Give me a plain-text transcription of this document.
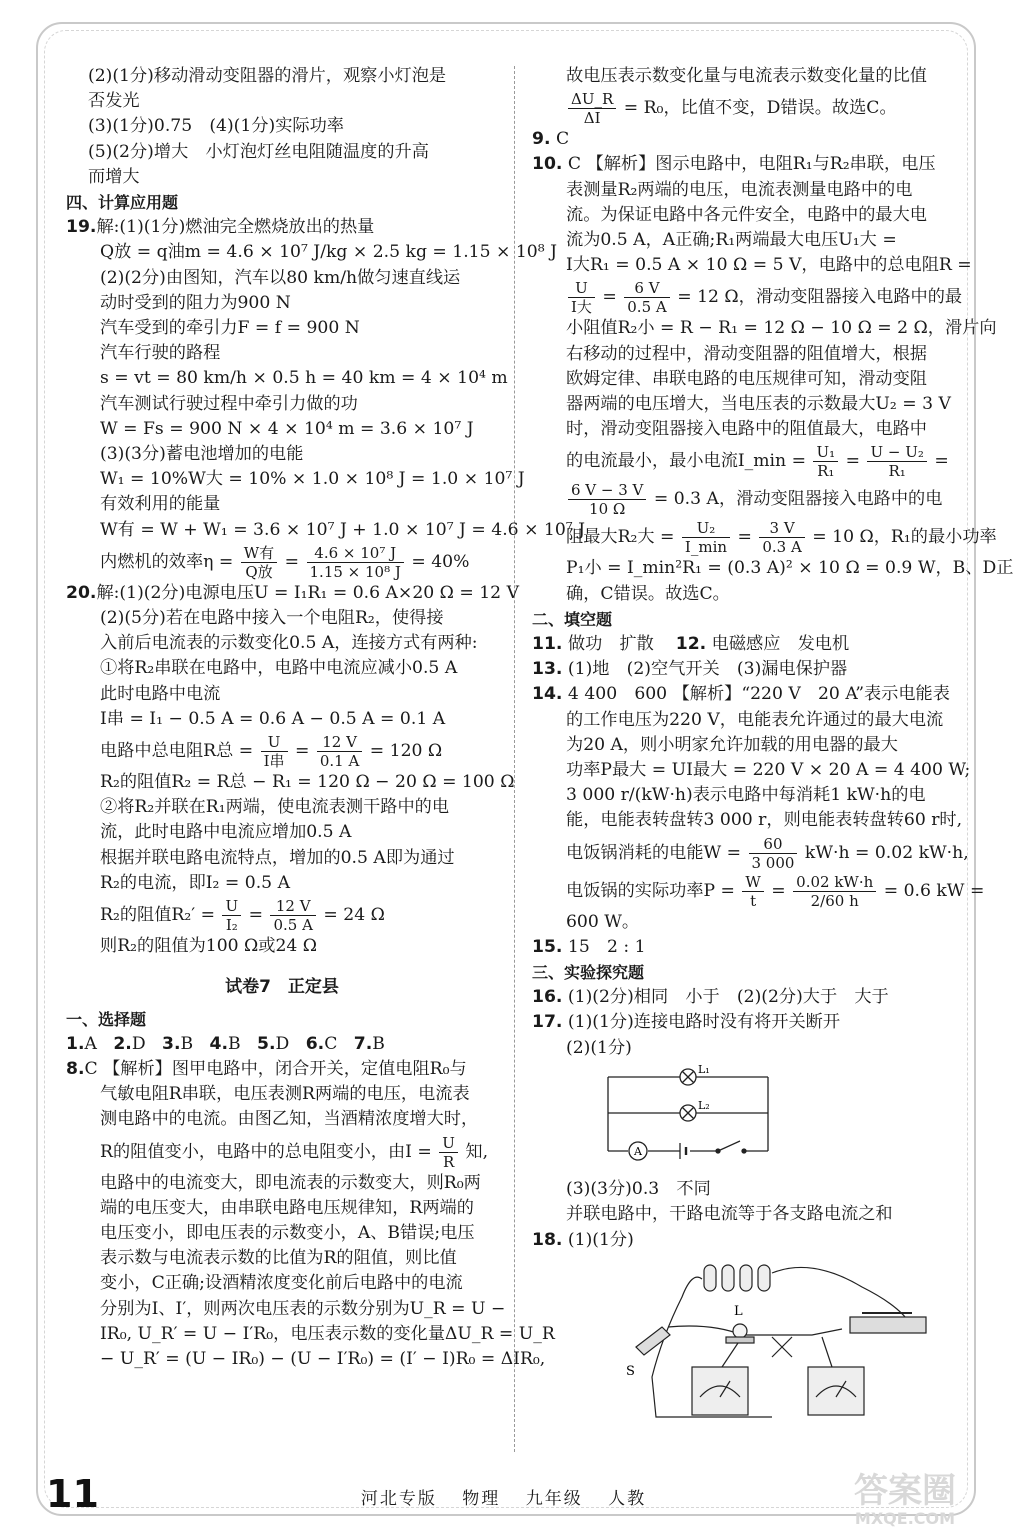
(2)(1分)移动滑动变阻器的滑片，观察小灯泡是
否发光
(3)(1分)0.75　(4)(1分)实际功率
(5)(2分)增大　小灯泡灯丝电阻随温度的升高
而增大
四、计算应用题
19.解:(1)(1分)燃油完全燃烧放出的热量
Q放 = q油m = 4.6 × 10⁷ J/kg × 2.5 kg = 1.15 × 10⁸ J
(2)(2分)由图知，汽车以80 km/h做匀速直线运
动时受到的阻力为900 N
汽车受到的牵引力F = f = 900 N
汽车行驶的路程
s = vt = 80 km/h × 0.5 h = 40 km = 4 × 10⁴ m
汽车测试行驶过程中牵引力做的功
W = Fs = 900 N × 4 × 10⁴ m = 3.6 × 10⁷ J
(3)(3分)蓄电池增加的电能
W₁ = 10%W大 = 10% × 1.0 × 10⁸ J = 1.0 × 10⁷ J
有效利用的能量
W有 = W + W₁ = 3.6 × 10⁷ J + 1.0 × 10⁷ J = 4.6 × 10⁷ J
内燃机的效率$\eta = \frac{\text{W有}}{\text{Q放}} = \frac{\text{4.6 × 10⁷ J}}{\text{1.15 × 10⁸ J}} = 40\%$
20.解:(1)(2分)电源电压U = I₁R₁ = 0.6 A×20 Ω = 12 V
(2)(5分)若在电路中接入一个电阻R₂，使得接
入前后电流表的示数变化0.5 A，连接方式有两种:
①将R₂串联在电路中，电路中电流应减小0.5 A
此时电路中电流
I串 = I₁ − 0.5 A = 0.6 A − 0.5 A = 0.1 A
电路中总电阻R总 = $\frac{U}{\text{I串}} = \frac{12 V}{0.1 A} = 120$ Ω
R₂的阻值R₂ = R总 − R₁ = 120 Ω − 20 Ω = 100 Ω
②将R₂并联在R₁两端，使电流表测干路中的电
流，此时电路中电流应增加0.5 A
根据并联电路电流特点，增加的0.5 A即为通过
R₂的电流，即I₂ = 0.5 A
R₂的阻值$R_2' = \frac{U}{\text{I₂}} = \frac{12 V}{0.5 A} = 24$ Ω
则R₂的阻值为100 Ω或24 Ω
试卷7　正定县
一、选择题
1.A 2.D 3.B 4.B 5.D 6.C 7.B
8.C 【解析】图甲电路中，闭合开关，定值电阻R₀与
气敏电阻R串联，电压表测R两端的电压，电流表
测电路中的电流。由图乙知，当酒精浓度增大时，
R的阻值变小，电路中的总电阻变小，由$I = \frac{U}{R}$ 知,
电路中的电流变大，即电流表的示数变大，则R₀两
端的电压变大，由串联电路电压规律知，R两端的
电压变小，即电压表的示数变小，A、B错误;电压
表示数与电流表示数的比值为R的阻值，则比值
变小，C正确;设酒精浓度变化前后电路中的电流
分别为I、I′，则两次电压表的示数分别为U_R = U −
IR₀, U_R′ = U − I′R₀，电压表示数的变化量ΔU_R = U_R
− U_R′ = (U − IR₀) − (U − I′R₀) = (I′ − I)R₀ = ΔIR₀,
故电压表示数变化量与电流表示数变化量的比值
$\frac{\Delta U\_R}{\Delta I} = R_0$，比值不变，D错误。故选C。
9. C
10. C 【解析】图示电路中，电阻R₁与R₂串联，电压
表测量R₂两端的电压，电流表测量电路中的电
流。为保证电路中各元件安全，电路中的最大电
流为0.5 A，A正确;R₁两端最大电压U₁大 =
I大R₁ = 0.5 A × 10 Ω = 5 V，电路中的总电阻R =
$\frac{U}{\text{I大}} = \frac{6 V}{0.5 A} = 12$ Ω，滑动变阻器接入电路中的最
小阻值R₂小 = R − R₁ = 12 Ω − 10 Ω = 2 Ω，滑片向
右移动的过程中，滑动变阻器的阻值增大，根据
欧姆定律、串联电路的电压规律可知，滑动变阻
器两端的电压增大，当电压表的示数最大U₂ = 3 V
时，滑动变阻器接入电路中的阻值最大，电路中
的电流最小，最小电流I_min = $\frac{\text{U₁}}{\text{R₁}} = \frac{\text{U − U₂}}{\text{R₁}}$ =
$\frac{6 V - 3 V}{10 \Omega} = 0.3$ A，滑动变阻器接入电路中的电
阻最大R₂大 = $\frac{\text{U₂}}{I\_\min} = \frac{3 V}{0.3 A} = 10$ Ω，R₁的最小功率
P₁小 = I_min²R₁ = (0.3 A)² × 10 Ω = 0.9 W，B、D正
确，C错误。故选C。
二、填空题
11. 做功　扩散 12. 电磁感应　发电机
13. (1)地　(2)空气开关　(3)漏电保护器
14. 4 400　600 【解析】“220 V　20 A”表示电能表
的工作电压为220 V，电能表允许通过的最大电流
为20 A，则小明家允许加载的用电器的最大
功率P最大 = UI最大 = 220 V × 20 A = 4 400 W;
3 000 r/(kW·h)表示电路中每消耗1 kW·h的电
能，电能表转盘转3 000 r，则电能表转盘转60 r时,
电饭锅消耗的电能$W = \frac{60}{3 000} kW\cdot h = 0.02$ kW·h,
电饭锅的实际功率$P = \frac{W}{t} = \frac{0.02 kW\cdot h}{2/60 h} = 0.6$ kW =
600 W。
15. 15　2 : 1
三、实验探究题
16. (1)(2分)相同　小于　(2)(2分)大于　大于
17. (1)(1分)连接电路时没有将开关断开
(2)(1分)
L₁
L₂
A
(3)(3分)0.3　不同
并联电路中，干路电流等于各支路电流之和
18. (1)(1分)
L
S
11	河北专版 物理 九年级 人教	答案圈
MXQE.COM
